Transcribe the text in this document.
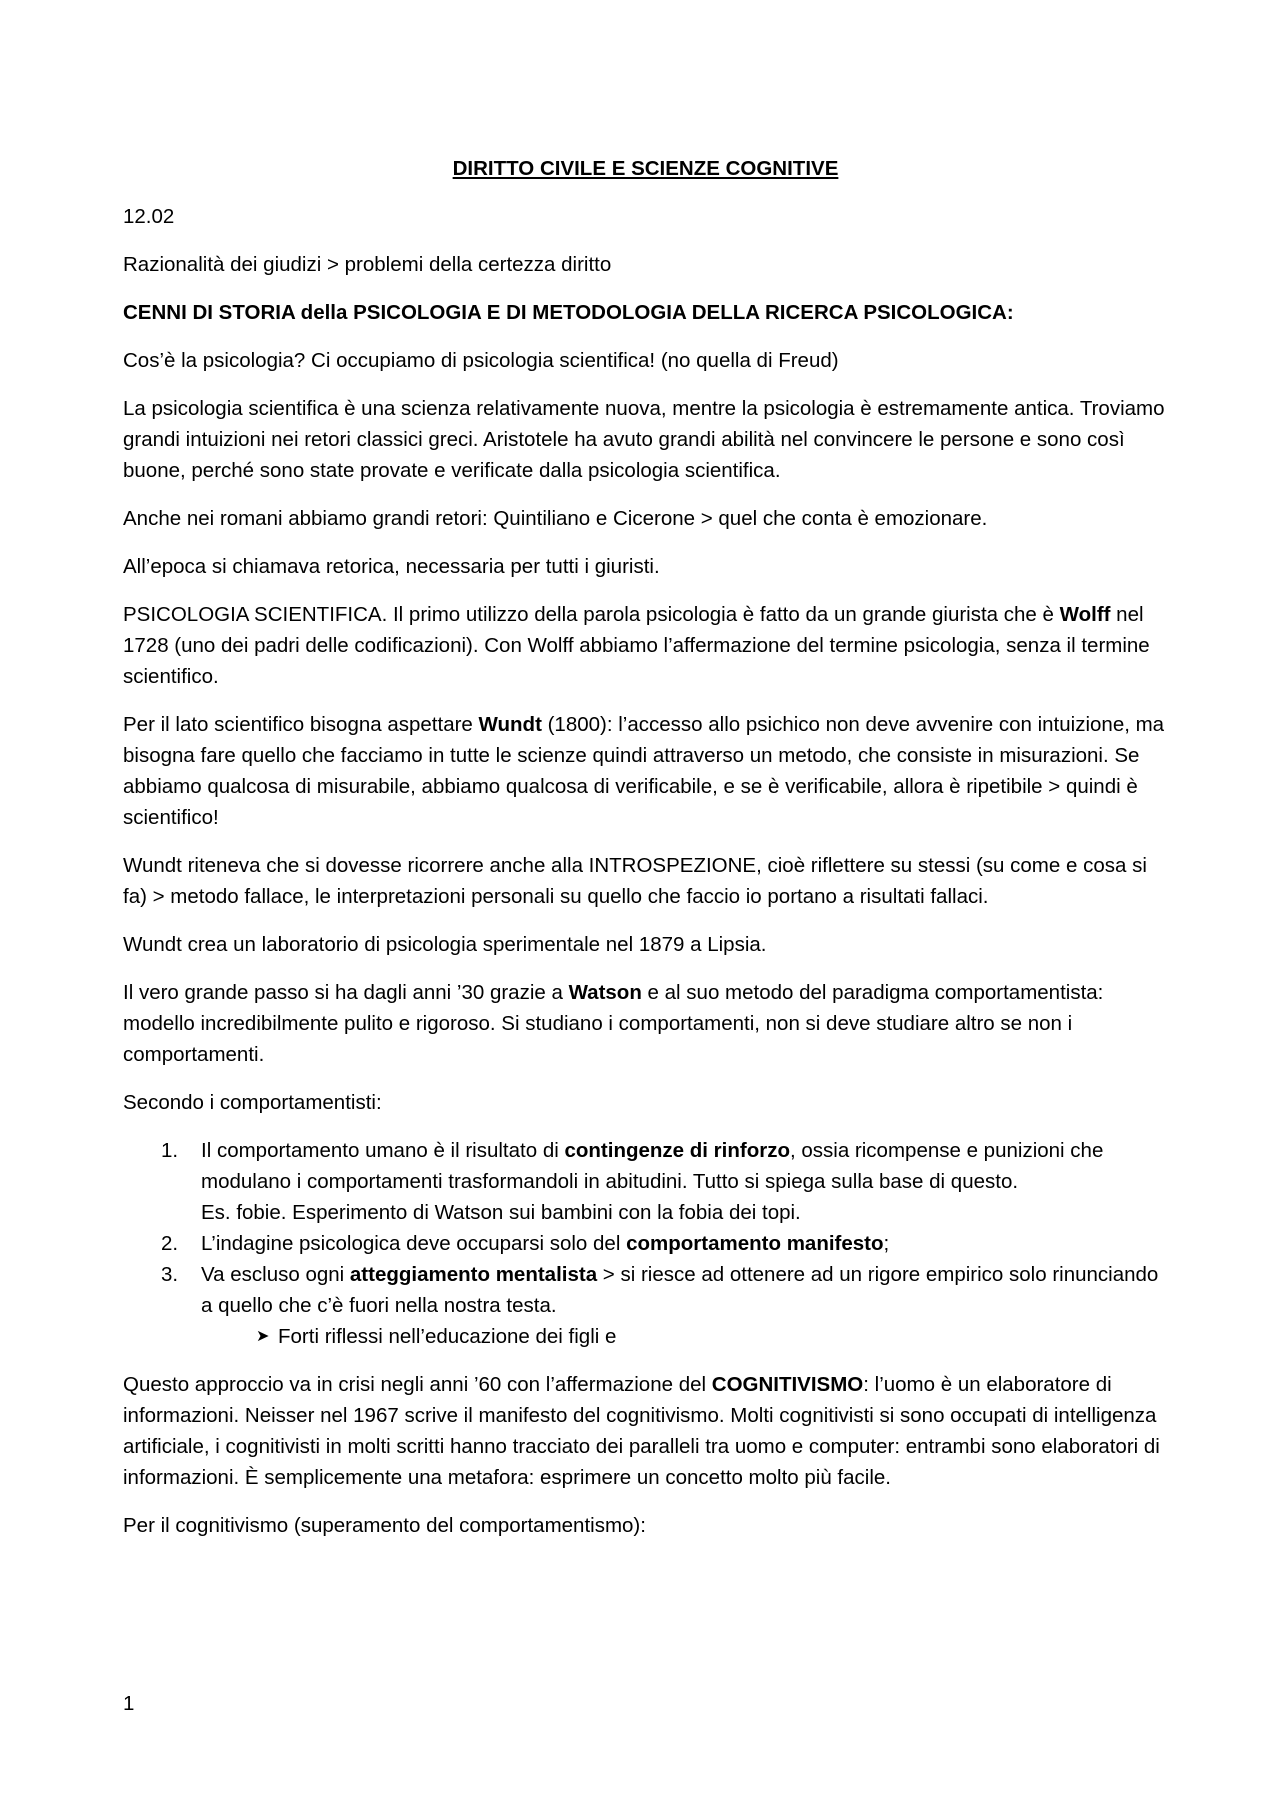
DIRITTO CIVILE E SCIENZE COGNITIVE

12.02

Razionalità dei giudizi > problemi della certezza diritto

CENNI DI STORIA della PSICOLOGIA E DI METODOLOGIA DELLA RICERCA PSICOLOGICA:

Cos’è la psicologia? Ci occupiamo di psicologia scientifica! (no quella di Freud)

La psicologia scientifica è una scienza relativamente nuova, mentre la psicologia è estremamente antica. Troviamo grandi intuizioni nei retori classici greci. Aristotele ha avuto grandi abilità nel convincere le persone e sono così buone, perché sono state provate e verificate dalla psicologia scientifica.

Anche nei romani abbiamo grandi retori: Quintiliano e Cicerone > quel che conta è emozionare.

All’epoca si chiamava retorica, necessaria per tutti i giuristi.

PSICOLOGIA SCIENTIFICA. Il primo utilizzo della parola psicologia è fatto da un grande giurista che è Wolff nel 1728 (uno dei padri delle codificazioni). Con Wolff abbiamo l’affermazione del termine psicologia, senza il termine scientifico.

Per il lato scientifico bisogna aspettare Wundt (1800): l’accesso allo psichico non deve avvenire con intuizione, ma bisogna fare quello che facciamo in tutte le scienze quindi attraverso un metodo, che consiste in misurazioni. Se abbiamo qualcosa di misurabile, abbiamo qualcosa di verificabile, e se è verificabile, allora è ripetibile > quindi è scientifico!

Wundt riteneva che si dovesse ricorrere anche alla INTROSPEZIONE, cioè riflettere su stessi (su come e cosa si fa) > metodo fallace, le interpretazioni personali su quello che faccio io portano a risultati fallaci.

Wundt crea un laboratorio di psicologia sperimentale nel 1879 a Lipsia.

Il vero grande passo si ha dagli anni ’30 grazie a Watson e al suo metodo del paradigma comportamentista: modello incredibilmente pulito e rigoroso. Si studiano i comportamenti, non si deve studiare altro se non i comportamenti.

Secondo i comportamentisti:

1. Il comportamento umano è il risultato di contingenze di rinforzo, ossia ricompense e punizioni che modulano i comportamenti trasformandoli in abitudini. Tutto si spiega sulla base di questo.
Es. fobie. Esperimento di Watson sui bambini con la fobia dei topi.
2. L’indagine psicologica deve occuparsi solo del comportamento manifesto;
3. Va escluso ogni atteggiamento mentalista > si riesce ad ottenere ad un rigore empirico solo rinunciando a quello che c’è fuori nella nostra testa.
➤ Forti riflessi nell’educazione dei figli e

Questo approccio va in crisi negli anni ’60 con l’affermazione del COGNITIVISMO: l’uomo è un elaboratore di informazioni. Neisser nel 1967 scrive il manifesto del cognitivismo. Molti cognitivisti si sono occupati di intelligenza artificiale, i cognitivisti in molti scritti hanno tracciato dei paralleli tra uomo e computer: entrambi sono elaboratori di informazioni. È semplicemente una metafora: esprimere un concetto molto più facile.

Per il cognitivismo (superamento del comportamentismo):

1
